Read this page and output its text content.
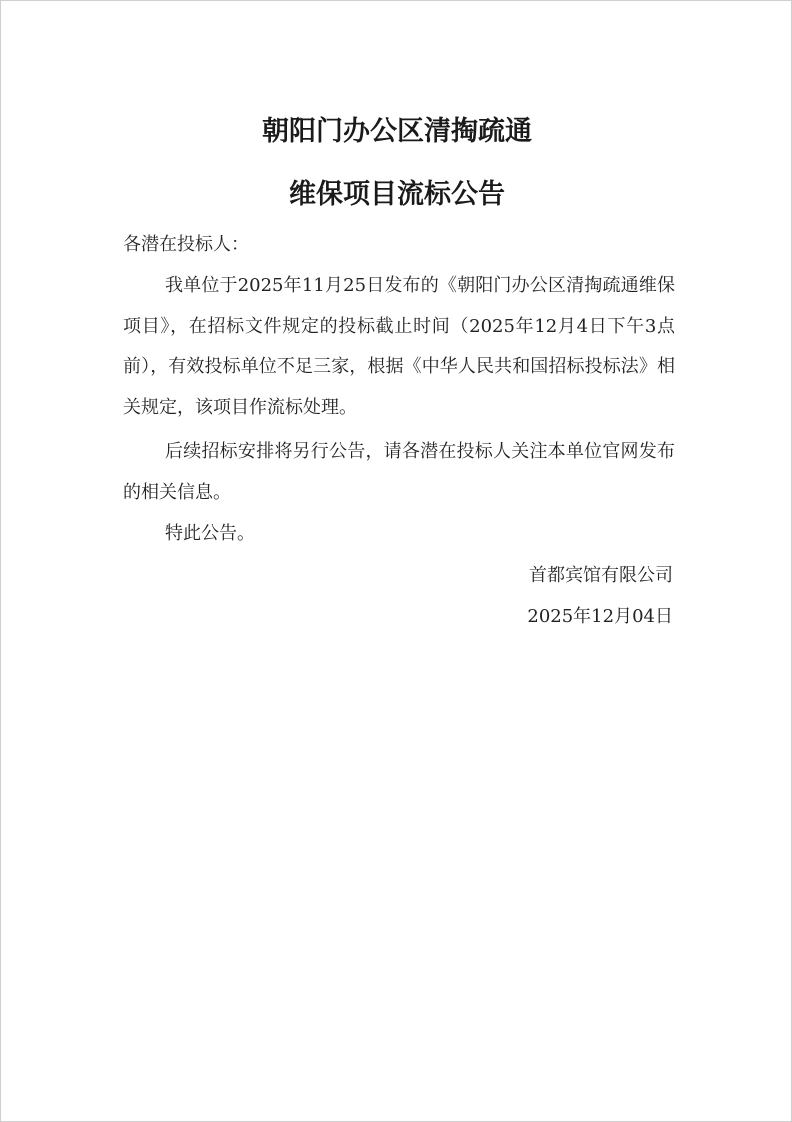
朝阳门办公区清掏疏通
维保项目流标公告
各潜在投标人：
我单位于2025年11月25日发布的《朝阳门办公区清掏疏通维保项目》，在招标文件规定的投标截止时间（2025年12月4日下午3点前），有效投标单位不足三家，根据《中华人民共和国招标投标法》相关规定，该项目作流标处理。
后续招标安排将另行公告，请各潜在投标人关注本单位官网发布的相关信息。
特此公告。
首都宾馆有限公司
2025年12月04日
